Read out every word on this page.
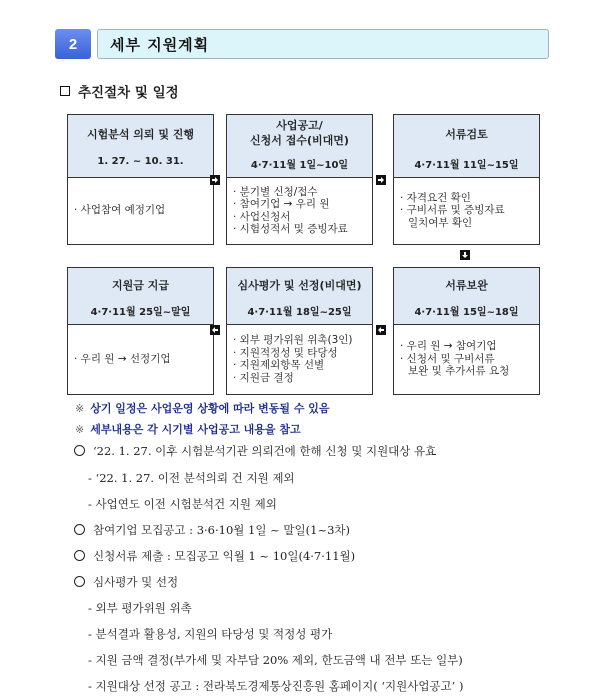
2	세부 지원계획
추진절차 및 일정
시험분석 의뢰 및 진행
1. 27. ~ 10. 31.
· 사업참여 예정기업
사업공고/
신청서 접수(비대면)
4·7·11월 1일~10일
· 분기별 신청/접수
· 참여기업 → 우리 원
· 사업신청서
· 시험성적서 및 증빙자료
서류검토
4·7·11월 11일~15일
· 자격요건 확인
· 구비서류 및 증빙자료
일치여부 확인
지원금 지급
4·7·11월 25일~말일
· 우리 원 → 선정기업
심사평가 및 선정(비대면)
4·7·11월 18일~25일
· 외부 평가위원 위촉(3인)
· 지원적정성 및 타당성
· 지원제외항목 선별
· 지원금 결정
서류보완
4·7·11월 15일~18일
· 우리 원 → 참여기업
· 신청서 및 구비서류
보완 및 추가서류 요청
※ 상기 일정은 사업운영 상황에 따라 변동될 수 있음
※ 세부내용은 각 시기별 사업공고 내용을 참고
‘22. 1. 27. 이후 시험분석기관 의뢰건에 한해 신청 및 지원대상 유효
- ‘22. 1. 27. 이전 분석의뢰 건 지원 제외
- 사업연도 이전 시험분석건 지원 제외
참여기업 모집공고 : 3·6·10월 1일 ~ 말일(1~3차)
신청서류 제출 : 모집공고 익월 1 ~ 10일(4·7·11월)
심사평가 및 선정
- 외부 평가위원 위촉
- 분석결과 활용성, 지원의 타당성 및 적정성 평가
- 지원 금액 결정(부가세 및 자부담 20% 제외, 한도금액 내 전부 또는 일부)
- 지원대상 선정 공고 : 전라북도경제통상진흥원 홈페이지( ‘지원사업공고’ )
